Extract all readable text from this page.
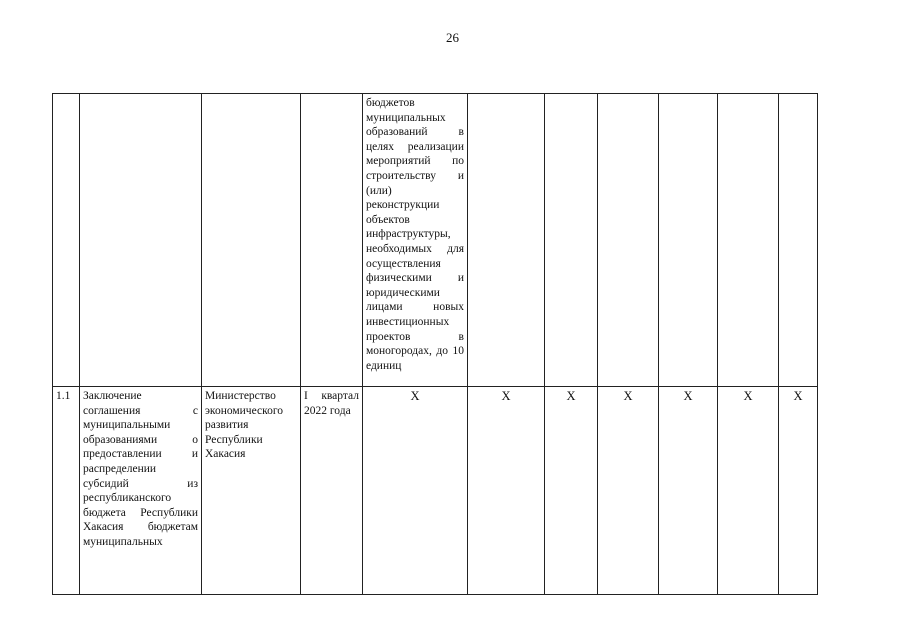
26

				бюджетов муниципальных образований в целях реализации мероприятий по строительству и (или) реконструкции объектов инфраструктуры, необходимых для осуществления физическими и юридическими лицами новых инвестиционных проектов в моногородах, до 10 единиц						

1.1	Заключение соглашения с муниципальными образованиями о предоставлении и распределении субсидий из республиканского бюджета Республики Хакасия бюджетам муниципальных	Министерство экономического развития Республики Хакасия	I квартал 2022 года	Х	Х	Х	Х	Х	Х	Х
